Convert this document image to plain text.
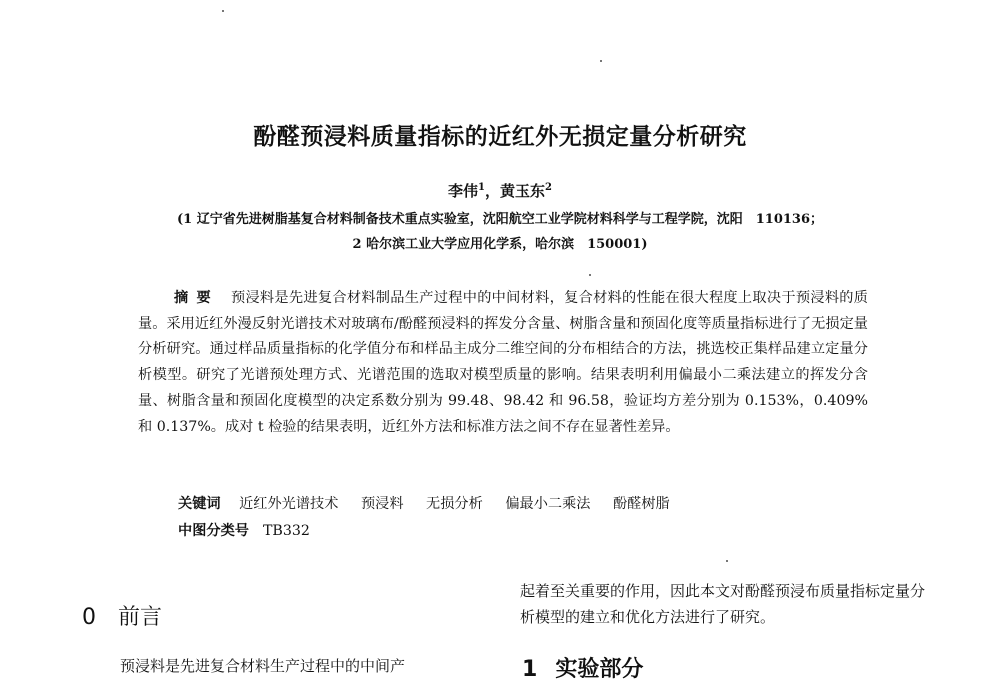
酚醛预浸料质量指标的近红外无损定量分析研究
李伟$^1$，黄玉东$^2$
(1 辽宁省先进树脂基复合材料制备技术重点实验室，沈阳航空工业学院材料科学与工程学院，沈阳　110136；
2 哈尔滨工业大学应用化学系，哈尔滨　150001)
摘要 预浸料是先进复合材料制品生产过程中的中间材料，复合材料的性能在很大程度上取决于预浸料的质量。采用近红外漫反射光谱技术对玻璃布/酚醛预浸料的挥发分含量、树脂含量和预固化度等质量指标进行了无损定量分析研究。通过样品质量指标的化学值分布和样品主成分二维空间的分布相结合的方法，挑选校正集样品建立定量分析模型。研究了光谱预处理方式、光谱范围的选取对模型质量的影响。结果表明利用偏最小二乘法建立的挥发分含量、树脂含量和预固化度模型的决定系数分别为 99.48、98.42 和 96.58，验证均方差分别为 0.153%，0.409%和 0.137%。成对 t 检验的结果表明，近红外方法和标准方法之间不存在显著性差异。
关键词 近红外光谱技术 预浸料 无损分析 偏最小二乘法 酚醛树脂
中图分类号 TB332
0 前言
预浸料是先进复合材料生产过程中的中间产
起着至关重要的作用，因此本文对酚醛预浸布质量指标定量分析模型的建立和优化方法进行了研究。
1 实验部分
